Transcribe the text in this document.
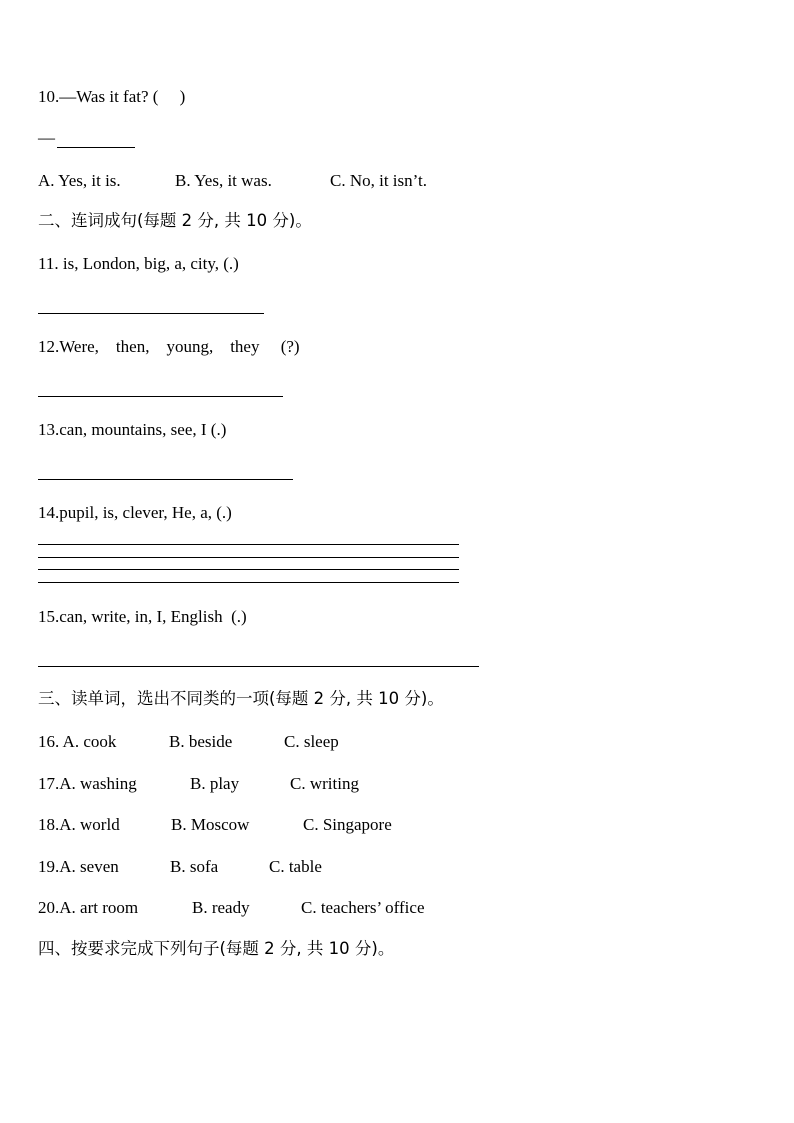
10.—Was it fat? (     )
—
A. Yes, it is.	B. Yes, it was.	C. No, it isn’t.
二、连词成句(每题 2 分, 共 10 分)。
11. is, London, big, a, city, (.)
12.Were,    then,    young,    they     (?)
13.can, mountains, see, I (.)
14.pupil, is, clever, He, a, (.)
15.can, write, in, I, English  (.)
三、读单词，选出不同类的一项(每题 2 分, 共 10 分)。
16. A. cook	B. beside	C. sleep
17.A. washing	B. play	C. writing
18.A. world	B. Moscow	C. Singapore
19.A. seven	B. sofa	C. table
20.A. art room	B. ready	C. teachers’ office
四、按要求完成下列句子(每题 2 分, 共 10 分)。
